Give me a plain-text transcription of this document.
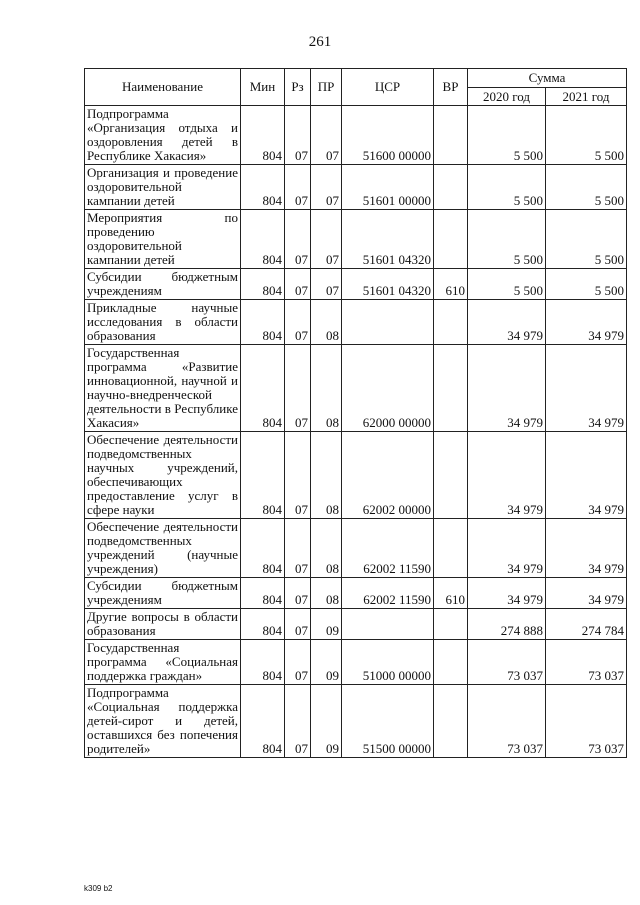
261
Наименование	Мин	Рз	ПР	ЦСР	ВР	Сумма	
						2020 год	2021 год
Подпрограмма «Организация отдыха и оздоровления детей в Республике Хакасия»	804	07	07	51600 00000		5 500	5 500
Организация и проведение оздоровительной кампании детей	804	07	07	51601 00000		5 500	5 500
Мероприятия по проведению оздоровительной кампании детей	804	07	07	51601 04320		5 500	5 500
Субсидии бюджетным учреждениям	804	07	07	51601 04320	610	5 500	5 500
Прикладные научные исследования в области образования	804	07	08			34 979	34 979
Государственная программа «Развитие инновационной, научной и научно-внедренческой деятельности в Республике Хакасия»	804	07	08	62000 00000		34 979	34 979
Обеспечение деятельности подведомственных научных учреждений, обеспечивающих предоставление услуг в сфере науки	804	07	08	62002 00000		34 979	34 979
Обеспечение деятельности подведомственных учреждений (научные учреждения)	804	07	08	62002 11590		34 979	34 979
Субсидии бюджетным учреждениям	804	07	08	62002 11590	610	34 979	34 979
Другие вопросы в области образования	804	07	09			274 888	274 784
Государственная программа «Социальная поддержка граждан»	804	07	09	51000 00000		73 037	73 037
Подпрограмма «Социальная поддержка детей-сирот и детей, оставшихся без попечения родителей»	804	07	09	51500 00000		73 037	73 037
k309 b2
